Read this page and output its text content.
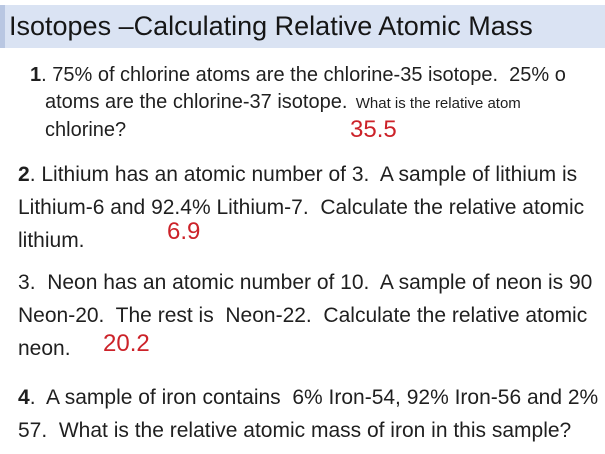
Isotopes –Calculating Relative Atomic Mass
1. 75% of chlorine atoms are the chlorine-35 isotope.  25% o
atoms are the chlorine-37 isotope.  What is the relative atom
chlorine?	35.5
2. Lithium has an atomic number of 3.  A sample of lithium is
Lithium-6 and 92.4% Lithium-7.  Calculate the relative atomic
lithium.	6.9
3.  Neon has an atomic number of 10.  A sample of neon is 90
Neon-20.  The rest is  Neon-22.  Calculate the relative atomic
neon.	20.2
4.  A sample of iron contains  6% Iron-54, 92% Iron-56 and 2%
57.  What is the relative atomic mass of iron in this sample?
